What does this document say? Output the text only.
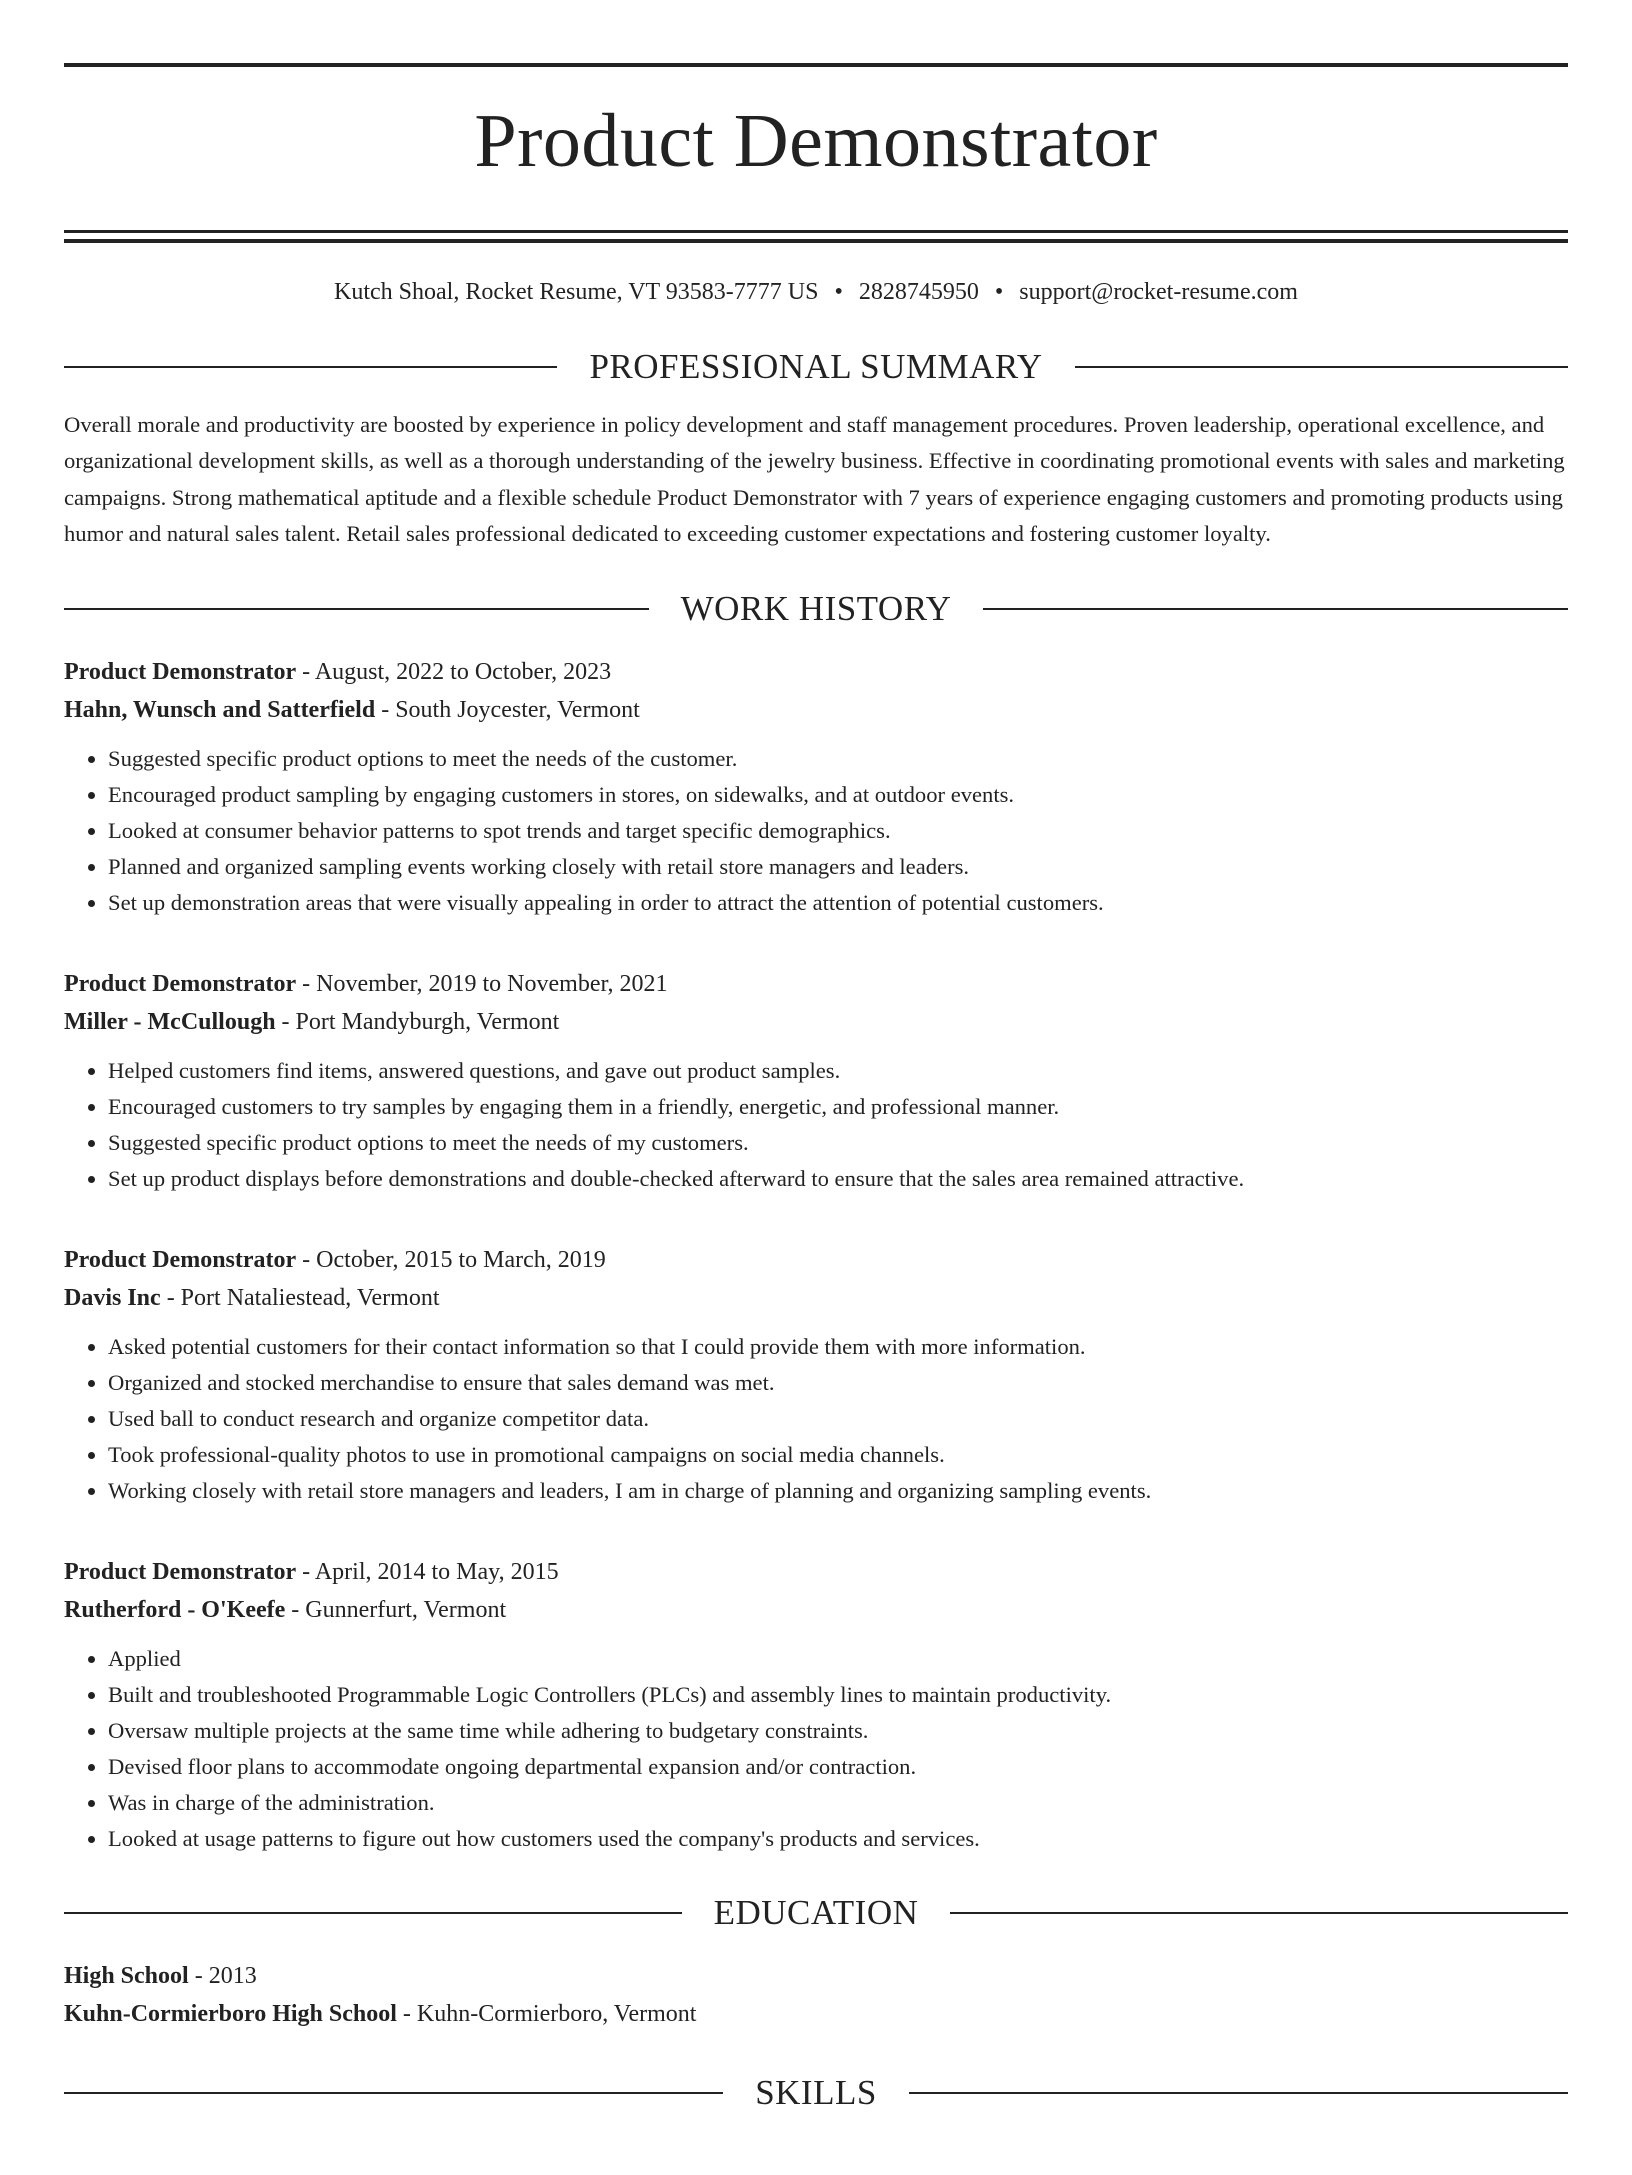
Product Demonstrator
Kutch Shoal, Rocket Resume, VT 93583-7777 US • 2828745950 • support@rocket-resume.com
PROFESSIONAL SUMMARY

Overall morale and productivity are boosted by experience in policy development and staff management procedures. Proven leadership, operational excellence, and organizational development skills, as well as a thorough understanding of the jewelry business. Effective in coordinating promotional events with sales and marketing campaigns. Strong mathematical aptitude and a flexible schedule Product Demonstrator with 7 years of experience engaging customers and promoting products using humor and natural sales talent. Retail sales professional dedicated to exceeding customer expectations and fostering customer loyalty.

WORK HISTORY
Product Demonstrator - August, 2022 to October, 2023
Hahn, Wunsch and Satterfield - South Joycester, Vermont
• Suggested specific product options to meet the needs of the customer.
• Encouraged product sampling by engaging customers in stores, on sidewalks, and at outdoor events.
• Looked at consumer behavior patterns to spot trends and target specific demographics.
• Planned and organized sampling events working closely with retail store managers and leaders.
• Set up demonstration areas that were visually appealing in order to attract the attention of potential customers.
Product Demonstrator - November, 2019 to November, 2021
Miller - McCullough - Port Mandyburgh, Vermont
• Helped customers find items, answered questions, and gave out product samples.
• Encouraged customers to try samples by engaging them in a friendly, energetic, and professional manner.
• Suggested specific product options to meet the needs of my customers.
• Set up product displays before demonstrations and double-checked afterward to ensure that the sales area remained attractive.
Product Demonstrator - October, 2015 to March, 2019
Davis Inc - Port Nataliestead, Vermont
• Asked potential customers for their contact information so that I could provide them with more information.
• Organized and stocked merchandise to ensure that sales demand was met.
• Used ball to conduct research and organize competitor data.
• Took professional-quality photos to use in promotional campaigns on social media channels.
• Working closely with retail store managers and leaders, I am in charge of planning and organizing sampling events.
Product Demonstrator - April, 2014 to May, 2015
Rutherford - O'Keefe - Gunnerfurt, Vermont
• Applied
• Built and troubleshooted Programmable Logic Controllers (PLCs) and assembly lines to maintain productivity.
• Oversaw multiple projects at the same time while adhering to budgetary constraints.
• Devised floor plans to accommodate ongoing departmental expansion and/or contraction.
• Was in charge of the administration.
• Looked at usage patterns to figure out how customers used the company's products and services.
EDUCATION
High School - 2013
Kuhn-Cormierboro High School - Kuhn-Cormierboro, Vermont
SKILLS
